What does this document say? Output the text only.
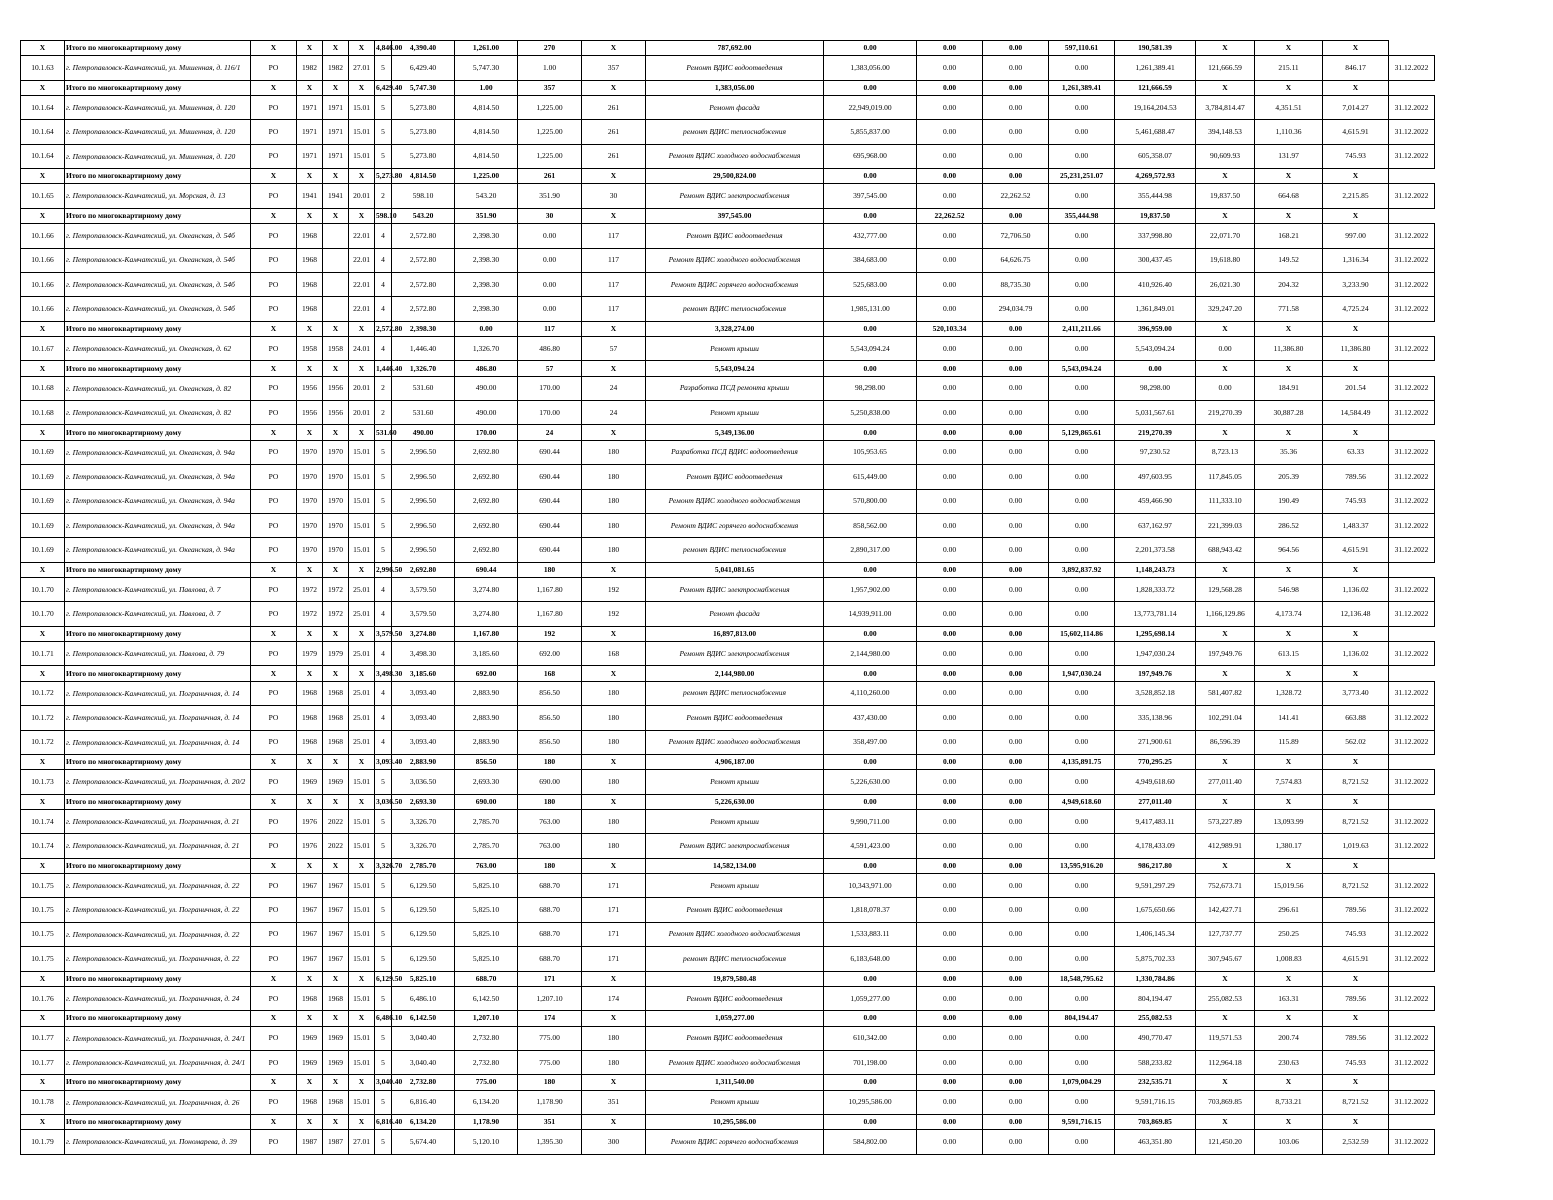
X	Итого по многоквартирному дому	X	X	X	X	4,846.00	4,390.40	1,261.00	270	X	787,692.00	0.00	0.00	0.00	597,110.61	190,581.39	X	X	X	
10.1.63	г. Петропавловск-Камчатский, ул. Мишенная, д. 116/1	РО	1982	1982	27.01	5	6,429.40	5,747.30	1.00	357	Ремонт ВДИС водоотведения	1,383,056.00	0.00	0.00	0.00	1,261,389.41	121,666.59	215.11	846.17	31.12.2022
X	Итого по многоквартирному дому	X	X	X	X	6,429.40	5,747.30	1.00	357	X	1,383,056.00	0.00	0.00	0.00	1,261,389.41	121,666.59	X	X	X	
10.1.64	г. Петропавловск-Камчатский, ул. Мишенная, д. 120	РО	1971	1971	15.01	5	5,273.80	4,814.50	1,225.00	261	Ремонт фасада	22,949,019.00	0.00	0.00	0.00	19,164,204.53	3,784,814.47	4,351.51	7,014.27	31.12.2022
10.1.64	г. Петропавловск-Камчатский, ул. Мишенная, д. 120	РО	1971	1971	15.01	5	5,273.80	4,814.50	1,225.00	261	ремонт ВДИС теплоснабжения	5,855,837.00	0.00	0.00	0.00	5,461,688.47	394,148.53	1,110.36	4,615.91	31.12.2022
10.1.64	г. Петропавловск-Камчатский, ул. Мишенная, д. 120	РО	1971	1971	15.01	5	5,273.80	4,814.50	1,225.00	261	Ремонт ВДИС холодного водоснабжения	695,968.00	0.00	0.00	0.00	605,358.07	90,609.93	131.97	745.93	31.12.2022
X	Итого по многоквартирному дому	X	X	X	X	5,273.80	4,814.50	1,225.00	261	X	29,500,824.00	0.00	0.00	0.00	25,231,251.07	4,269,572.93	X	X	X	
10.1.65	г. Петропавловск-Камчатский, ул. Морская, д. 13	РО	1941	1941	20.01	2	598.10	543.20	351.90	30	Ремонт ВДИС электроснабжения	397,545.00	0.00	22,262.52	0.00	355,444.98	19,837.50	664.68	2,215.85	31.12.2022
X	Итого по многоквартирному дому	X	X	X	X	598.10	543.20	351.90	30	X	397,545.00	0.00	22,262.52	0.00	355,444.98	19,837.50	X	X	X	
10.1.66	г. Петропавловск-Камчатский, ул. Океанская, д. 54б	РО	1968		22.01	4	2,572.80	2,398.30	0.00	117	Ремонт ВДИС водоотведения	432,777.00	0.00	72,706.50	0.00	337,998.80	22,071.70	168.21	997.00	31.12.2022
10.1.66	г. Петропавловск-Камчатский, ул. Океанская, д. 54б	РО	1968		22.01	4	2,572.80	2,398.30	0.00	117	Ремонт ВДИС холодного водоснабжения	384,683.00	0.00	64,626.75	0.00	300,437.45	19,618.80	149.52	1,316.34	31.12.2022
10.1.66	г. Петропавловск-Камчатский, ул. Океанская, д. 54б	РО	1968		22.01	4	2,572.80	2,398.30	0.00	117	Ремонт ВДИС горячего водоснабжения	525,683.00	0.00	88,735.30	0.00	410,926.40	26,021.30	204.32	3,233.90	31.12.2022
10.1.66	г. Петропавловск-Камчатский, ул. Океанская, д. 54б	РО	1968		22.01	4	2,572.80	2,398.30	0.00	117	ремонт ВДИС теплоснабжения	1,985,131.00	0.00	294,034.79	0.00	1,361,849.01	329,247.20	771.58	4,725.24	31.12.2022
X	Итого по многоквартирному дому	X	X	X	X	2,572.80	2,398.30	0.00	117	X	3,328,274.00	0.00	520,103.34	0.00	2,411,211.66	396,959.00	X	X	X	
10.1.67	г. Петропавловск-Камчатский, ул. Океанская, д. 62	РО	1958	1958	24.01	4	1,446.40	1,326.70	486.80	57	Ремонт крыши	5,543,094.24	0.00	0.00	0.00	5,543,094.24	0.00	11,386.80	11,386.80	31.12.2022
X	Итого по многоквартирному дому	X	X	X	X	1,446.40	1,326.70	486.80	57	X	5,543,094.24	0.00	0.00	0.00	5,543,094.24	0.00	X	X	X	
10.1.68	г. Петропавловск-Камчатский, ул. Океанская, д. 82	РО	1956	1956	20.01	2	531.60	490.00	170.00	24	Разработка ПСД ремонта крыши	98,298.00	0.00	0.00	0.00	98,298.00	0.00	184.91	201.54	31.12.2022
10.1.68	г. Петропавловск-Камчатский, ул. Океанская, д. 82	РО	1956	1956	20.01	2	531.60	490.00	170.00	24	Ремонт крыши	5,250,838.00	0.00	0.00	0.00	5,031,567.61	219,270.39	30,887.28	14,584.49	31.12.2022
X	Итого по многоквартирному дому	X	X	X	X	531.60	490.00	170.00	24	X	5,349,136.00	0.00	0.00	0.00	5,129,865.61	219,270.39	X	X	X	
10.1.69	г. Петропавловск-Камчатский, ул. Океанская, д. 94а	РО	1970	1970	15.01	5	2,996.50	2,692.80	690.44	180	Разработка ПСД ВДИС водоотведения	105,953.65	0.00	0.00	0.00	97,230.52	8,723.13	35.36	63.33	31.12.2022
10.1.69	г. Петропавловск-Камчатский, ул. Океанская, д. 94а	РО	1970	1970	15.01	5	2,996.50	2,692.80	690.44	180	Ремонт ВДИС водоотведения	615,449.00	0.00	0.00	0.00	497,603.95	117,845.05	205.39	789.56	31.12.2022
10.1.69	г. Петропавловск-Камчатский, ул. Океанская, д. 94а	РО	1970	1970	15.01	5	2,996.50	2,692.80	690.44	180	Ремонт ВДИС холодного водоснабжения	570,800.00	0.00	0.00	0.00	459,466.90	111,333.10	190.49	745.93	31.12.2022
10.1.69	г. Петропавловск-Камчатский, ул. Океанская, д. 94а	РО	1970	1970	15.01	5	2,996.50	2,692.80	690.44	180	Ремонт ВДИС горячего водоснабжения	858,562.00	0.00	0.00	0.00	637,162.97	221,399.03	286.52	1,483.37	31.12.2022
10.1.69	г. Петропавловск-Камчатский, ул. Океанская, д. 94а	РО	1970	1970	15.01	5	2,996.50	2,692.80	690.44	180	ремонт ВДИС теплоснабжения	2,890,317.00	0.00	0.00	0.00	2,201,373.58	688,943.42	964.56	4,615.91	31.12.2022
X	Итого по многоквартирному дому	X	X	X	X	2,996.50	2,692.80	690.44	180	X	5,041,081.65	0.00	0.00	0.00	3,892,837.92	1,148,243.73	X	X	X	
10.1.70	г. Петропавловск-Камчатский, ул. Павлова, д. 7	РО	1972	1972	25.01	4	3,579.50	3,274.80	1,167.80	192	Ремонт ВДИС электроснабжения	1,957,902.00	0.00	0.00	0.00	1,828,333.72	129,568.28	546.98	1,136.02	31.12.2022
10.1.70	г. Петропавловск-Камчатский, ул. Павлова, д. 7	РО	1972	1972	25.01	4	3,579.50	3,274.80	1,167.80	192	Ремонт фасада	14,939,911.00	0.00	0.00	0.00	13,773,781.14	1,166,129.86	4,173.74	12,136.48	31.12.2022
X	Итого по многоквартирному дому	X	X	X	X	3,579.50	3,274.80	1,167.80	192	X	16,897,813.00	0.00	0.00	0.00	15,602,114.86	1,295,698.14	X	X	X	
10.1.71	г. Петропавловск-Камчатский, ул. Павлова, д. 79	РО	1979	1979	25.01	4	3,498.30	3,185.60	692.00	168	Ремонт ВДИС электроснабжения	2,144,980.00	0.00	0.00	0.00	1,947,030.24	197,949.76	613.15	1,136.02	31.12.2022
X	Итого по многоквартирному дому	X	X	X	X	3,498.30	3,185.60	692.00	168	X	2,144,980.00	0.00	0.00	0.00	1,947,030.24	197,949.76	X	X	X	
10.1.72	г. Петропавловск-Камчатский, ул. Пограничная, д. 14	РО	1968	1968	25.01	4	3,093.40	2,883.90	856.50	180	ремонт ВДИС теплоснабжения	4,110,260.00	0.00	0.00	0.00	3,528,852.18	581,407.82	1,328.72	3,773.40	31.12.2022
10.1.72	г. Петропавловск-Камчатский, ул. Пограничная, д. 14	РО	1968	1968	25.01	4	3,093.40	2,883.90	856.50	180	Ремонт ВДИС водоотведения	437,430.00	0.00	0.00	0.00	335,138.96	102,291.04	141.41	663.88	31.12.2022
10.1.72	г. Петропавловск-Камчатский, ул. Пограничная, д. 14	РО	1968	1968	25.01	4	3,093.40	2,883.90	856.50	180	Ремонт ВДИС холодного водоснабжения	358,497.00	0.00	0.00	0.00	271,900.61	86,596.39	115.89	562.02	31.12.2022
X	Итого по многоквартирному дому	X	X	X	X	3,093.40	2,883.90	856.50	180	X	4,906,187.00	0.00	0.00	0.00	4,135,891.75	770,295.25	X	X	X	
10.1.73	г. Петропавловск-Камчатский, ул. Пограничная, д. 20/2	РО	1969	1969	15.01	5	3,036.50	2,693.30	690.00	180	Ремонт крыши	5,226,630.00	0.00	0.00	0.00	4,949,618.60	277,011.40	7,574.83	8,721.52	31.12.2022
X	Итого по многоквартирному дому	X	X	X	X	3,036.50	2,693.30	690.00	180	X	5,226,630.00	0.00	0.00	0.00	4,949,618.60	277,011.40	X	X	X	
10.1.74	г. Петропавловск-Камчатский, ул. Пограничная, д. 21	РО	1976	2022	15.01	5	3,326.70	2,785.70	763.00	180	Ремонт крыши	9,990,711.00	0.00	0.00	0.00	9,417,483.11	573,227.89	13,093.99	8,721.52	31.12.2022
10.1.74	г. Петропавловск-Камчатский, ул. Пограничная, д. 21	РО	1976	2022	15.01	5	3,326.70	2,785.70	763.00	180	Ремонт ВДИС электроснабжения	4,591,423.00	0.00	0.00	0.00	4,178,433.09	412,989.91	1,380.17	1,019.63	31.12.2022
X	Итого по многоквартирному дому	X	X	X	X	3,326.70	2,785.70	763.00	180	X	14,582,134.00	0.00	0.00	0.00	13,595,916.20	986,217.80	X	X	X	
10.1.75	г. Петропавловск-Камчатский, ул. Пограничная, д. 22	РО	1967	1967	15.01	5	6,129.50	5,825.10	688.70	171	Ремонт крыши	10,343,971.00	0.00	0.00	0.00	9,591,297.29	752,673.71	15,019.56	8,721.52	31.12.2022
10.1.75	г. Петропавловск-Камчатский, ул. Пограничная, д. 22	РО	1967	1967	15.01	5	6,129.50	5,825.10	688.70	171	Ремонт ВДИС водоотведения	1,818,078.37	0.00	0.00	0.00	1,675,650.66	142,427.71	296.61	789.56	31.12.2022
10.1.75	г. Петропавловск-Камчатский, ул. Пограничная, д. 22	РО	1967	1967	15.01	5	6,129.50	5,825.10	688.70	171	Ремонт ВДИС холодного водоснабжения	1,533,883.11	0.00	0.00	0.00	1,406,145.34	127,737.77	250.25	745.93	31.12.2022
10.1.75	г. Петропавловск-Камчатский, ул. Пограничная, д. 22	РО	1967	1967	15.01	5	6,129.50	5,825.10	688.70	171	ремонт ВДИС теплоснабжения	6,183,648.00	0.00	0.00	0.00	5,875,702.33	307,945.67	1,008.83	4,615.91	31.12.2022
X	Итого по многоквартирному дому	X	X	X	X	6,129.50	5,825.10	688.70	171	X	19,879,580.48	0.00	0.00	0.00	18,548,795.62	1,330,784.86	X	X	X	
10.1.76	г. Петропавловск-Камчатский, ул. Пограничная, д. 24	РО	1968	1968	15.01	5	6,486.10	6,142.50	1,207.10	174	Ремонт ВДИС водоотведения	1,059,277.00	0.00	0.00	0.00	804,194.47	255,082.53	163.31	789.56	31.12.2022
X	Итого по многоквартирному дому	X	X	X	X	6,486.10	6,142.50	1,207.10	174	X	1,059,277.00	0.00	0.00	0.00	804,194.47	255,082.53	X	X	X	
10.1.77	г. Петропавловск-Камчатский, ул. Пограничная, д. 24/1	РО	1969	1969	15.01	5	3,040.40	2,732.80	775.00	180	Ремонт ВДИС водоотведения	610,342.00	0.00	0.00	0.00	490,770.47	119,571.53	200.74	789.56	31.12.2022
10.1.77	г. Петропавловск-Камчатский, ул. Пограничная, д. 24/1	РО	1969	1969	15.01	5	3,040.40	2,732.80	775.00	180	Ремонт ВДИС холодного водоснабжения	701,198.00	0.00	0.00	0.00	588,233.82	112,964.18	230.63	745.93	31.12.2022
X	Итого по многоквартирному дому	X	X	X	X	3,040.40	2,732.80	775.00	180	X	1,311,540.00	0.00	0.00	0.00	1,079,004.29	232,535.71	X	X	X	
10.1.78	г. Петропавловск-Камчатский, ул. Пограничная, д. 26	РО	1968	1968	15.01	5	6,816.40	6,134.20	1,178.90	351	Ремонт крыши	10,295,586.00	0.00	0.00	0.00	9,591,716.15	703,869.85	8,733.21	8,721.52	31.12.2022
X	Итого по многоквартирному дому	X	X	X	X	6,816.40	6,134.20	1,178.90	351	X	10,295,586.00	0.00	0.00	0.00	9,591,716.15	703,869.85	X	X	X	
10.1.79	г. Петропавловск-Камчатский, ул. Пономарева, д. 39	РО	1987	1987	27.01	5	5,674.40	5,120.10	1,395.30	300	Ремонт ВДИС горячего водоснабжения	584,802.00	0.00	0.00	0.00	463,351.80	121,450.20	103.06	2,532.59	31.12.2022
